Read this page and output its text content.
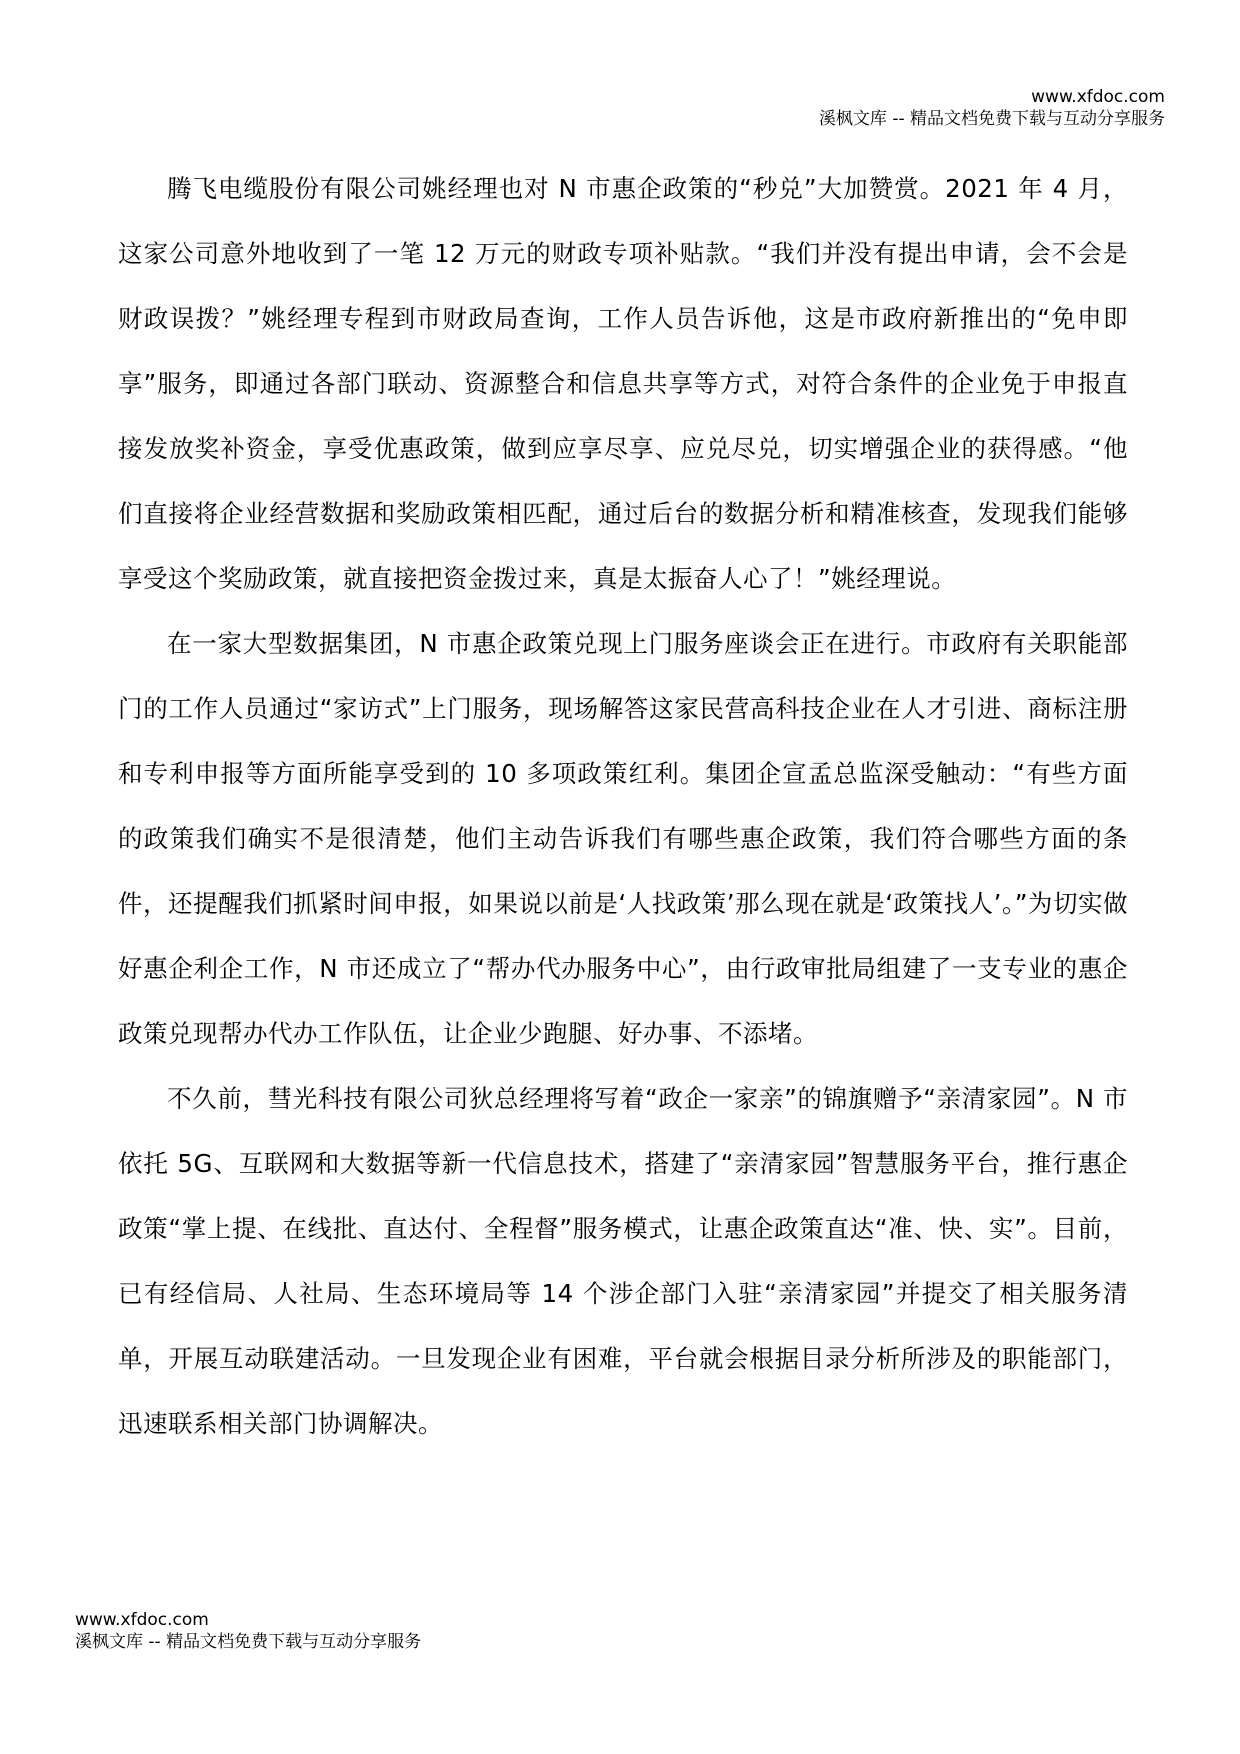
www.xfdoc.com
溪枫文库 -- 精品文档免费下载与互动分享服务

腾飞电缆股份有限公司姚经理也对 N 市惠企政策的“秒兑”大加赞赏。2021 年 4 月，这家公司意外地收到了一笔 12 万元的财政专项补贴款。“我们并没有提出申请，会不会是财政误拨？”姚经理专程到市财政局查询，工作人员告诉他，这是市政府新推出的“免申即享”服务，即通过各部门联动、资源整合和信息共享等方式，对符合条件的企业免于申报直接发放奖补资金，享受优惠政策，做到应享尽享、应兑尽兑，切实增强企业的获得感。“他们直接将企业经营数据和奖励政策相匹配，通过后台的数据分析和精准核查，发现我们能够享受这个奖励政策，就直接把资金拨过来，真是太振奋人心了！”姚经理说。

在一家大型数据集团，N 市惠企政策兑现上门服务座谈会正在进行。市政府有关职能部门的工作人员通过“家访式”上门服务，现场解答这家民营高科技企业在人才引进、商标注册和专利申报等方面所能享受到的 10 多项政策红利。集团企宣孟总监深受触动：“有些方面的政策我们确实不是很清楚，他们主动告诉我们有哪些惠企政策，我们符合哪些方面的条件，还提醒我们抓紧时间申报，如果说以前是‘人找政策’那么现在就是‘政策找人’。”为切实做好惠企利企工作，N 市还成立了“帮办代办服务中心”，由行政审批局组建了一支专业的惠企政策兑现帮办代办工作队伍，让企业少跑腿、好办事、不添堵。

不久前，彗光科技有限公司狄总经理将写着“政企一家亲”的锦旗赠予“亲清家园”。N 市依托 5G、互联网和大数据等新一代信息技术，搭建了“亲清家园”智慧服务平台，推行惠企政策“掌上提、在线批、直达付、全程督”服务模式，让惠企政策直达“准、快、实”。目前，已有经信局、人社局、生态环境局等 14 个涉企部门入驻“亲清家园”并提交了相关服务清单，开展互动联建活动。一旦发现企业有困难，平台就会根据目录分析所涉及的职能部门，迅速联系相关部门协调解决。

www.xfdoc.com
溪枫文库 -- 精品文档免费下载与互动分享服务
